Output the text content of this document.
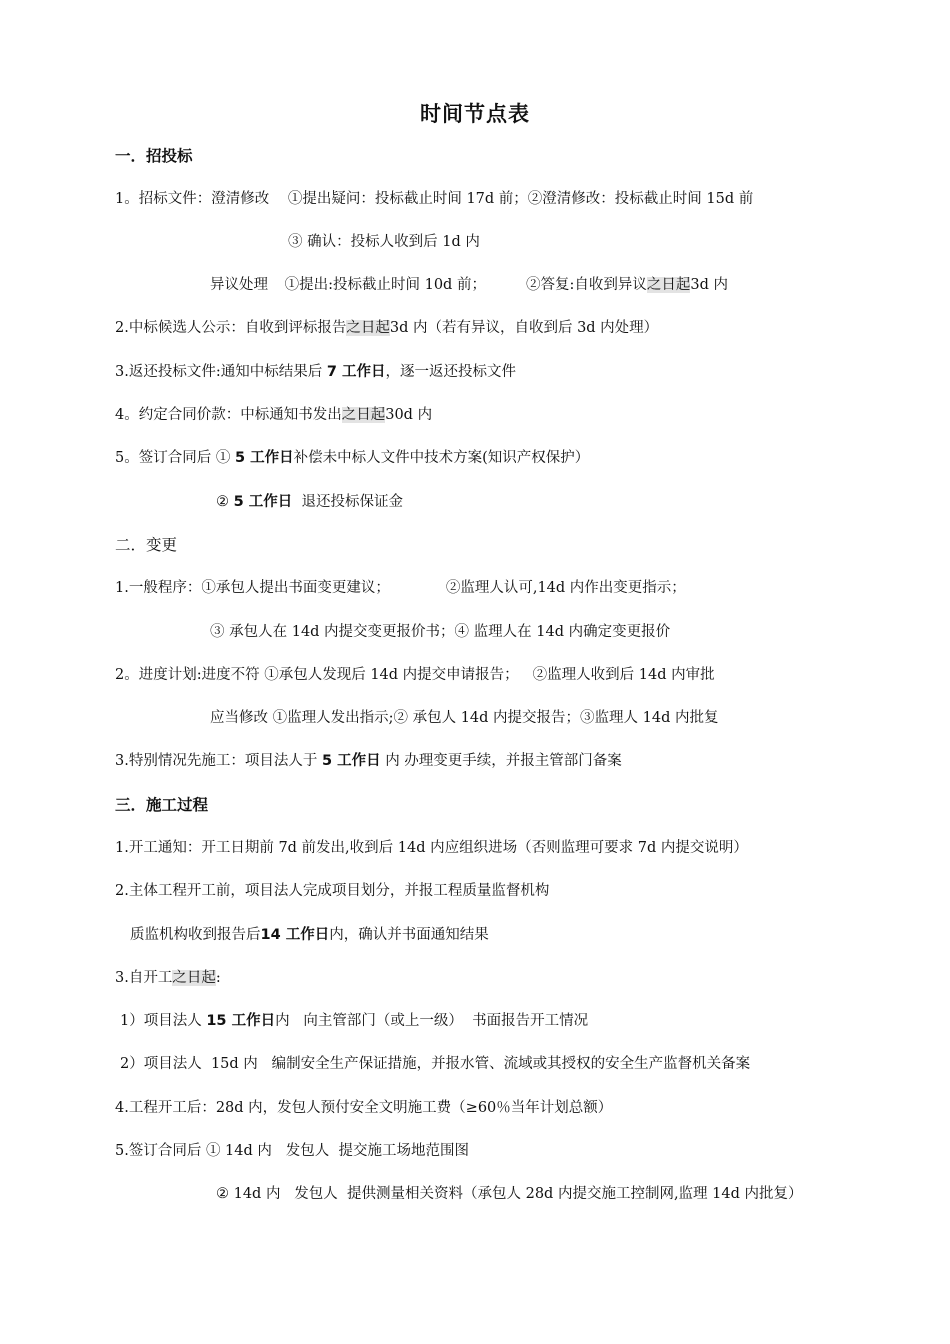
时间节点表
一．招投标
1。招标文件：澄清修改 ①提出疑问：投标截止时间 17d 前；②澄清修改：投标截止时间 15d 前
③ 确认：投标人收到后 1d 内
异议处理 ①提出:投标截止时间 10d 前；	②答复:自收到异议之日起3d 内
2.中标候选人公示：自收到评标报告之日起3d 内（若有异议，自收到后 3d 内处理）
3.返还投标文件:通知中标结果后 7 工作日，逐一返还投标文件
4。约定合同价款：中标通知书发出之日起30d 内
5。签订合同后 ① 5 工作日补偿未中标人文件中技术方案(知识产权保护）
② 5 工作日  退还投标保证金
二．变更
1.一般程序：①承包人提出书面变更建议；	②监理人认可,14d 内作出变更指示；
③ 承包人在 14d 内提交变更报价书；④ 监理人在 14d 内确定变更报价
2。进度计划:进度不符 ①承包人发现后 14d 内提交申请报告； ②监理人收到后 14d 内审批
应当修改 ①监理人发出指示;② 承包人 14d 内提交报告；③监理人 14d 内批复
3.特别情况先施工：项目法人于 5 工作日 内 办理变更手续，并报主管部门备案
三．施工过程
1.开工通知：开工日期前 7d 前发出,收到后 14d 内应组织进场（否则监理可要求 7d 内提交说明）
2.主体工程开工前，项目法人完成项目划分，并报工程质量监督机构
质监机构收到报告后14 工作日内，确认并书面通知结果
3.自开工之日起:
1）项目法人 15 工作日内   向主管部门（或上一级）  书面报告开工情况
2）项目法人  15d 内   编制安全生产保证措施，并报水管、流域或其授权的安全生产监督机关备案
4.工程开工后：28d 内，发包人预付安全文明施工费（≥60％当年计划总额）
5.签订合同后 ① 14d 内   发包人  提交施工场地范围图
② 14d 内   发包人  提供测量相关资料（承包人 28d 内提交施工控制网,监理 14d 内批复）
